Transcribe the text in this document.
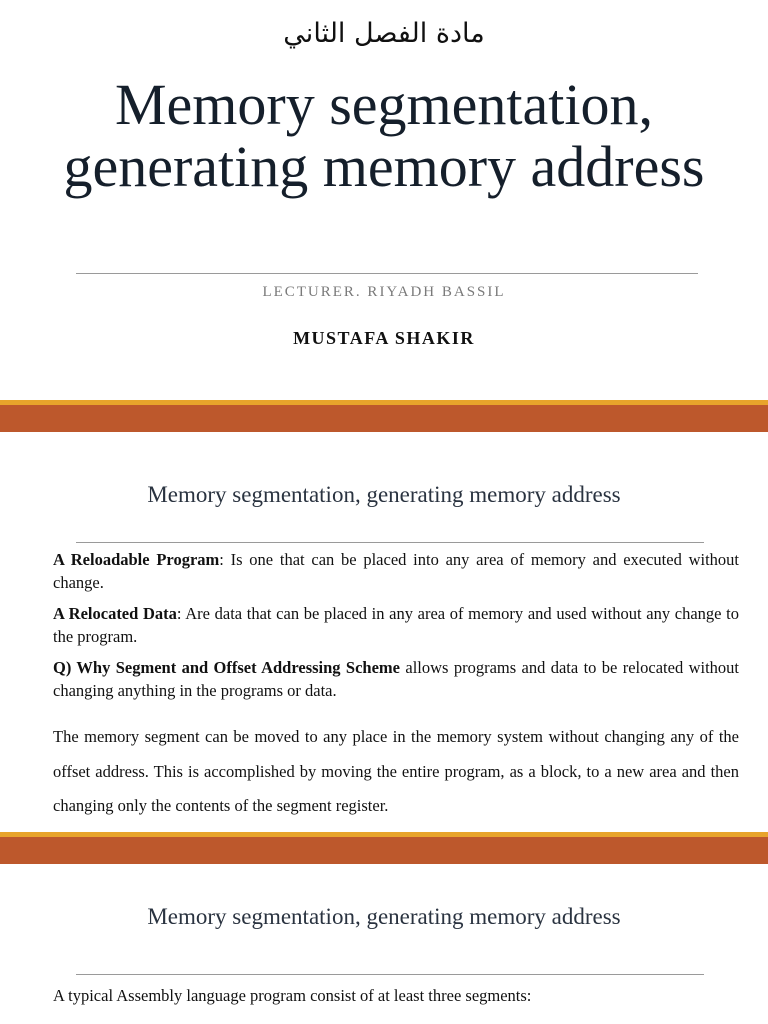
مادة الفصل الثاني
Memory segmentation, generating memory address
LECTURER. RIYADH BASSIL
MUSTAFA SHAKIR
Memory segmentation, generating memory address
A Reloadable Program: Is one that can be placed into any area of memory and executed without change.
A Relocated Data: Are data that can be placed in any area of memory and used without any change to the program.
Q) Why Segment and Offset Addressing Scheme allows programs and data to be relocated without changing anything in the programs or data.
The memory segment can be moved to any place in the memory system without changing any of the offset address. This is accomplished by moving the entire program, as a block, to a new area and then changing only the contents of the segment register.
Memory segmentation, generating memory address
A typical Assembly language program consist of at least three segments:
